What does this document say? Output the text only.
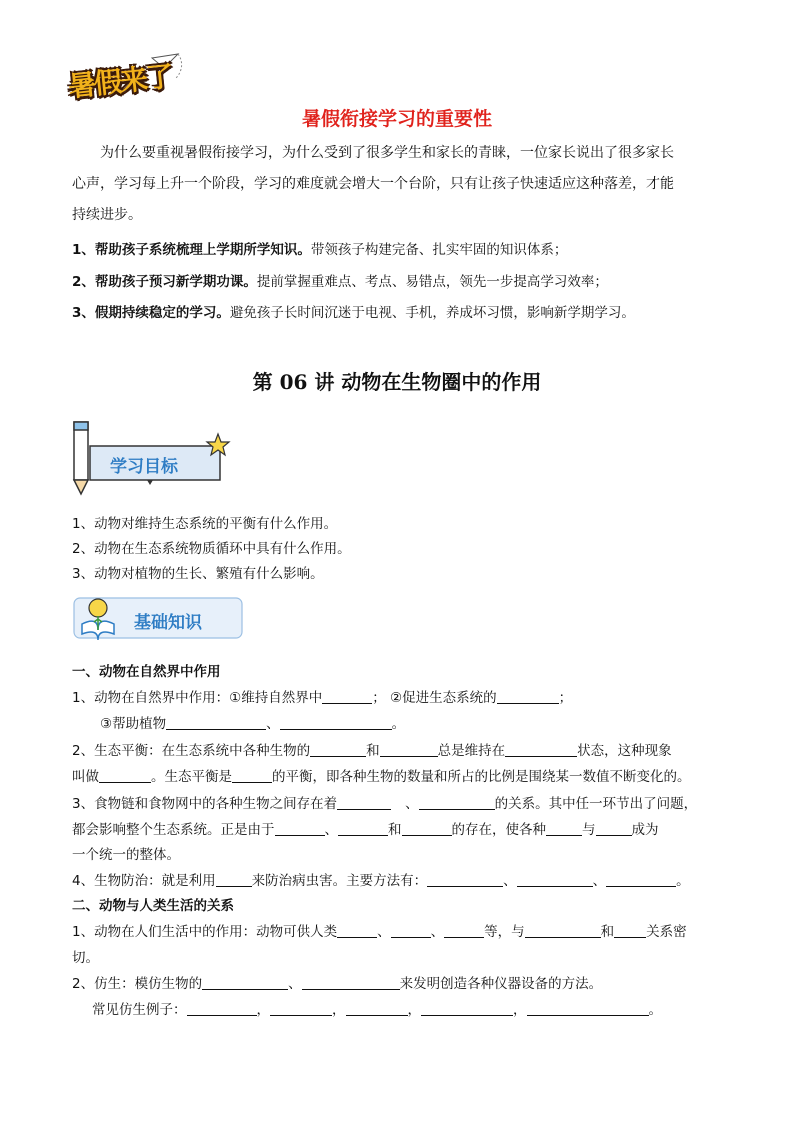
暑假来了
暑假衔接学习的重要性
为什么要重视暑假衔接学习，为什么受到了很多学生和家长的青睐，一位家长说出了很多家长
心声，学习每上升一个阶段，学习的难度就会增大一个台阶，只有让孩子快速适应这种落差，才能
持续进步。
1、帮助孩子系统梳理上学期所学知识。带领孩子构建完备、扎实牢固的知识体系；
2、帮助孩子预习新学期功课。提前掌握重难点、考点、易错点，领先一步提高学习效率；
3、假期持续稳定的学习。避免孩子长时间沉迷于电视、手机，养成坏习惯，影响新学期学习。
第 06 讲 动物在生物圈中的作用
学习目标
1、动物对维持生态系统的平衡有什么作用。
2、动物在生态系统物质循环中具有什么作用。
3、动物对植物的生长、繁殖有什么影响。
基础知识
一、动物在自然界中作用
1、动物在自然界中作用：①维持自然界中	； ②促进生态系统的	；
③帮助植物	、	。
2、生态平衡：在生态系统中各种生物的	和	总是维持在	状态，这种现象
叫做	。生态平衡是	的平衡，即各种生物的数量和所占的比例是围绕某一数值不断变化的。
3、食物链和食物网中的各种生物之间存在着	、	的关系。其中任一环节出了问题，
都会影响整个生态系统。正是由于	、	和	的存在，使各种	与	成为
一个统一的整体。
4、生物防治：就是利用	来防治病虫害。主要方法有：	、	、	。
二、动物与人类生活的关系
1、动物在人们生活中的作用：动物可供人类	、	、	等，与	和 关系密
切。
2、仿生：模仿生物的	、	来发明创造各种仪器设备的方法。
常见仿生例子：	，	，	，	，	。
